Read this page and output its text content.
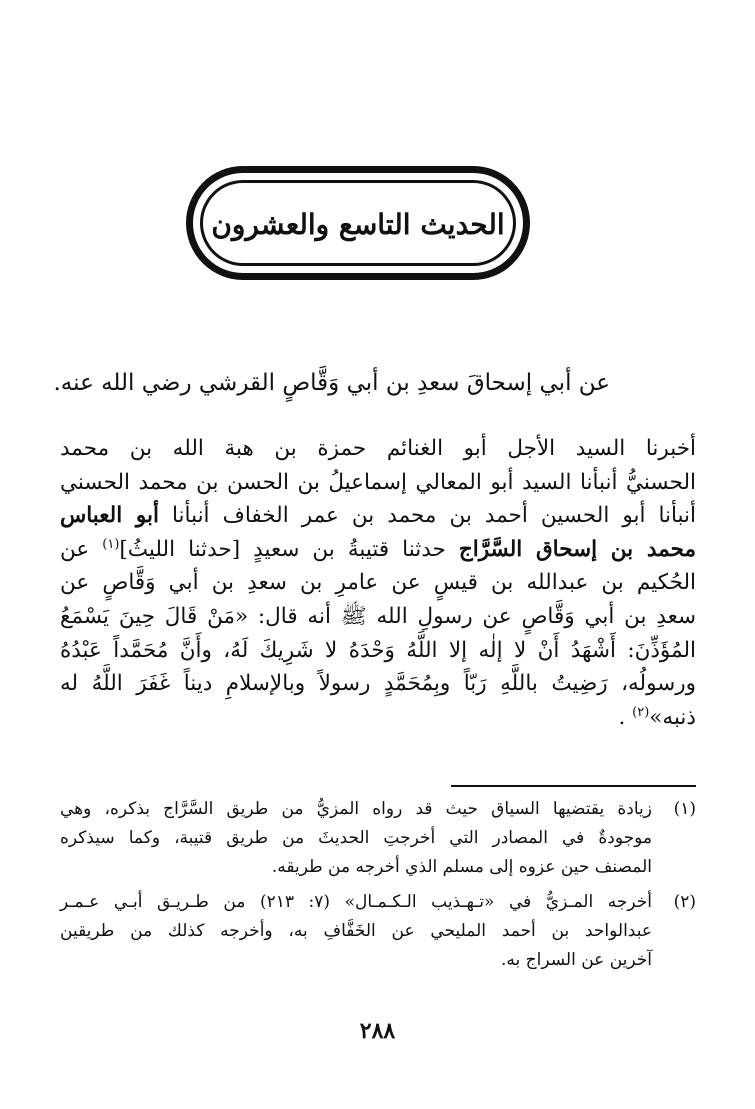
الحديث التاسع والعشرون
عن أبي إسحاقَ سعدِ بن أبي وَقَّاصٍ القرشي رضي الله عنه.
أخبرنا السيد الأجل أبو الغنائم حمزة بن هبة الله بن محمد
الحسنيُّ أنبأنا السيد أبو المعالي إسماعيلُ بن الحسن بن محمد الحسني
أنبأنا أبو الحسين أحمد بن محمد بن عمر الخفاف أنبأنا أبو العباس
محمد بن إسحاق السَّرَّاج حدثنا قتيبةُ بن سعيدٍ [حدثنا الليثُ]$^{(١)}$ عن
الحُكيم بن عبدالله بن قيسٍ عن عامرِ بن سعدِ بن أبي وَقَّاصٍ عن
سعدِ بن أبي وَقَّاصٍ عن رسولِ الله ﷺ أنه قال: «مَنْ قَالَ حِينَ يَسْمَعُ
المُؤَذِّنَ: أَشْهَدُ أَنْ لا إلٰه إلا اللَّهُ وَحْدَهُ لا شَرِيكَ لَهُ، وأَنَّ مُحَمَّداً عَبْدُهُ
ورسولُه، رَضِيتُ باللَّهِ رَبّاً وبِمُحَمَّدٍ رسولاً وبالإسلامِ ديناً غَفَرَ اللَّهُ له
ذنبه»$^{(٢)}$ .
(١)
زيادة يقتضيها السياق حيث قد رواه المزيُّ من طريق السَّرَّاج بذكره، وهي
موجودةٌ في المصادر التي أخرجتِ الحديثَ من طريق قتيبة، وكما سيذكره
المصنف حين عزوه إلى مسلم الذي أخرجه من طريقه.
(٢)
أخرجه المـزيُّ في «تـهـذيب الـكـمـال» (٧: ٢١٣) من طـريـق أبـي عـمـر
عبدالواحد بن أحمد المليحي عن الخَفَّافِ به، وأخرجه كذلك من طريقين
آخرين عن السراج به.
٢٨٨
